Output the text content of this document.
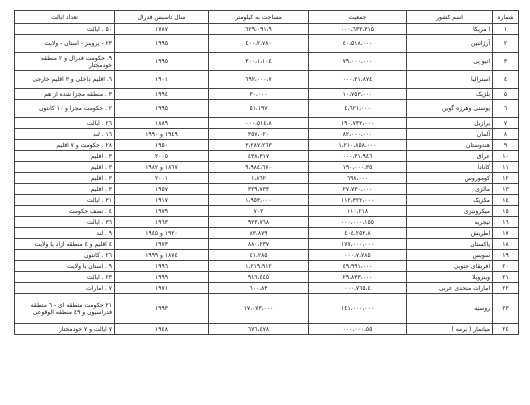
شماره	اسم کشور	جمعیت	مساحت به کیلومتر	سال تاسیس فدرال	تعداد ایالت
۱	ا مریکا	۳۱۵،٦٣٣،۰۰۰	۹،٦٢۹،۰۹۱	۱۷۸۷	۵۰ . ایالت
۲	آرژانتین	٤۰،۵۱۸،۰۰۰	۲،۷۸۰،٤۰۰	۱۹۹٥	۲۳ - پروینز - استان - ولایت
۳	اتیو پی	۷۹،۰۰۰،۰۰۰	۱،۱۰٤،۳۰۰	۱۹۹٥	۹. حکومت فدرال و ۲ منطقه خودمختار
٤	استرالیا	۲۱،۸۷٤،۰۰۰	۷،٦۹۲،۰۰۰	۱۹۰۱	٦. اقلیم داخلی و ۳ اقلیم خارجی
٥	بلژیک	۱۰،۷٥۳،۰۰۰	۳۰،۰۰۰	۱۹۹٤	۳ . منطقه مجزا شده از هم
٦	بوسنی وهرزه گوین	٤،٦۲۱،۰۰۰	٥۱،۱۹۷	۱۹۹٥	۲ . حکومت مجزا و ۱۰ کانتون
۷	برازیل	۱۹۰،۷۳۲،۰۰۰	۸،٥۱٤،۰۰۰	۱۸۸۹	۲٦ . ایالت
۸	آلمان	۸۲،۰۰۰،۰۰۰	۳٥۷،۰۲۰	۱۹٤۹ و ۱۹۹۰	۱٦ . لند
۹	هندوستان	۱،۲۱۰،۸٥۸،۰۰۰	۳،۲۸۷،۲٦۳	۱۹٥۰	۲۸ . حکومت و ۷ اقلیم
۱۰	عراق	۳۱،۹٤٦،۰۰۰	٤۳۸،۳۱۷	۲۰۰٥	۳ . اقلیم
۱۱	کانادا	۳٥،۱۹۰،۰۰۰	۹،۹۸٤،٦۷۰	۱۸٦۷ و ۱۹۸۲	۳ . اقلیم
۱۲	کوموروس	٦۹۸،۰۰۰	۱،۸٦۲	۲۰۰۱	۳ . اقلیم
۱۳	مالزی	۲۷،۷۳۰،۰۰۰	۳۲۹،۷۳۳	۱۹٥۷	۳ . اقلیم
۱٤	مکزیک	۱۱۲،۳۲۲،۰۰۰	۱،۹٥۳،۰۰۰	۱۹۱۷	۳۱ . ایالت
۱٥	میکرونیزی	۱۱۰،۲۱۸	۷۰۲	۱۹۷۹	٤ . نصف حکومت
۱٦	نیجریه	۱٥٥،۰۰۰،۰۰۰	۹۲۳،۷٦۸	۱۹٦۳	۳٦ . ایالت
۱۷	اطریش	۸،٤۰٤،٢٥۲	۸۳،۸۷۹	۱۹۲۰ و ۱۹٤٥	۹ . لند
۱۸	پاکستان	۱۷۷،۰۰۰،۰۰۰	۸۸۰،۲۳۷	۱۹۷۳	٤ اقلیم و ٤ منطقه ازاد یا ولایت
۱۹	سویس	۷،۷۸٥،۰۰۰	٤۱،۲۸٥	۱۸۷٤ و ۱۹۹۹	۲٦ . کانتون
۲۰	افریقای جنوبی	٤۹،۹۹۱،۰۰۰	۱،۲۱۹،۹۱۲	۱۹۹٦	۹ . استان یا ولایت
۲۱	وینزویلا	۲۹،۸۳۳،۰۰۰	۹۱٦،٤٤٥	۱۹۹۹	۲۳ . ایالت
۲۲	امارات متحدی عربی	٤،۷٦٥،۰۰۰	۸۳،٦۰۰	۱۹۷۱	۷ . امارات
۲۳	روسیه	۱٤۱،۰۰۰،۰۰۰	۱۷،۰۷۳،۰۰۰	۱۹۹۳	۲۱ حکومت منطقه ای - ٦ منطقه فدراسیون و ٤۹ منطقه الوقوعی
۲٤	میانمار ( برمه )	٥٥،۰۰۰،۰۰۰	٦۷٦،٤۷۸	۱۹٤۸	۷ ایالت و ۷ خودمختار
